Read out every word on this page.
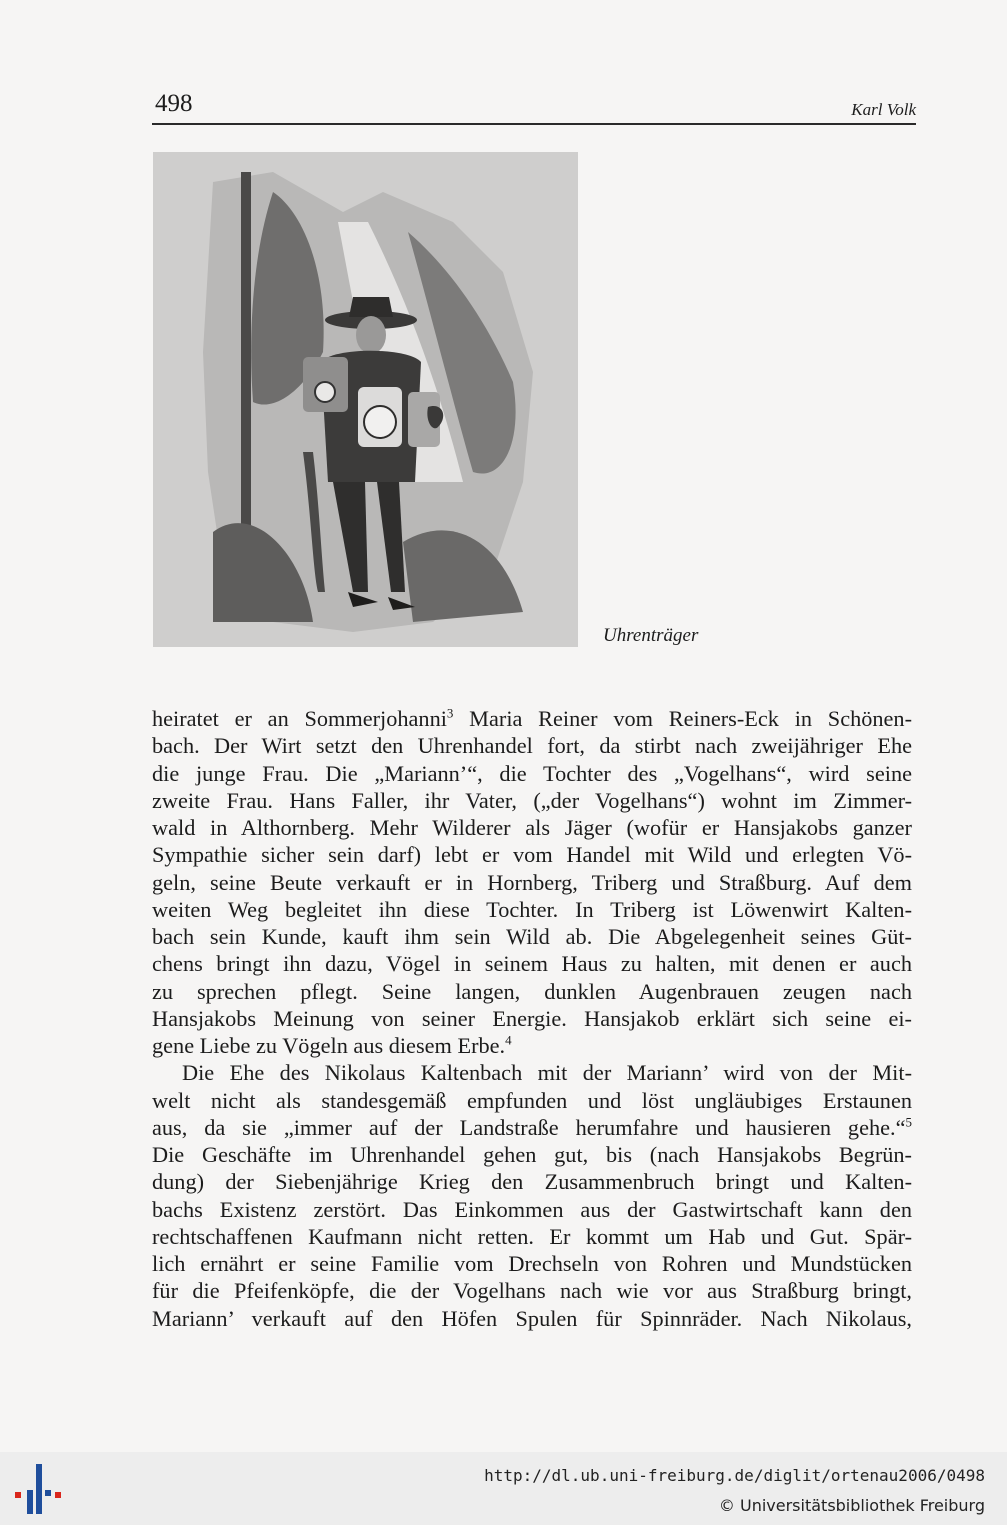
498	Karl Volk
Uhrenträger
heiratet er an Sommerjohanni$^3$ Maria Reiner vom Reiners-Eck in Schönen-
bach. Der Wirt setzt den Uhrenhandel fort, da stirbt nach zweijähriger Ehe
die junge Frau. Die „Mariann’“, die Tochter des „Vogelhans“, wird seine
zweite Frau. Hans Faller, ihr Vater, („der Vogelhans“) wohnt im Zimmer-
wald in Althornberg. Mehr Wilderer als Jäger (wofür er Hansjakobs ganzer
Sympathie sicher sein darf) lebt er vom Handel mit Wild und erlegten Vö-
geln, seine Beute verkauft er in Hornberg, Triberg und Straßburg. Auf dem
weiten Weg begleitet ihn diese Tochter. In Triberg ist Löwenwirt Kalten-
bach sein Kunde, kauft ihm sein Wild ab. Die Abgelegenheit seines Güt-
chens bringt ihn dazu, Vögel in seinem Haus zu halten, mit denen er auch
zu sprechen pflegt. Seine langen, dunklen Augenbrauen zeugen nach
Hansjakobs Meinung von seiner Energie. Hansjakob erklärt sich seine ei-
gene Liebe zu Vögeln aus diesem Erbe.$^4$
Die Ehe des Nikolaus Kaltenbach mit der Mariann’ wird von der Mit-
welt nicht als standesgemäß empfunden und löst ungläubiges Erstaunen
aus, da sie „immer auf der Landstraße herumfahre und hausieren gehe.“$^5$
Die Geschäfte im Uhrenhandel gehen gut, bis (nach Hansjakobs Begrün-
dung) der Siebenjährige Krieg den Zusammenbruch bringt und Kalten-
bachs Existenz zerstört. Das Einkommen aus der Gastwirtschaft kann den
rechtschaffenen Kaufmann nicht retten. Er kommt um Hab und Gut. Spär-
lich ernährt er seine Familie vom Drechseln von Rohren und Mundstücken
für die Pfeifenköpfe, die der Vogelhans nach wie vor aus Straßburg bringt,
Mariann’ verkauft auf den Höfen Spulen für Spinnräder. Nach Nikolaus,
http://dl.ub.uni-freiburg.de/diglit/ortenau2006/0498
© Universitätsbibliothek Freiburg
